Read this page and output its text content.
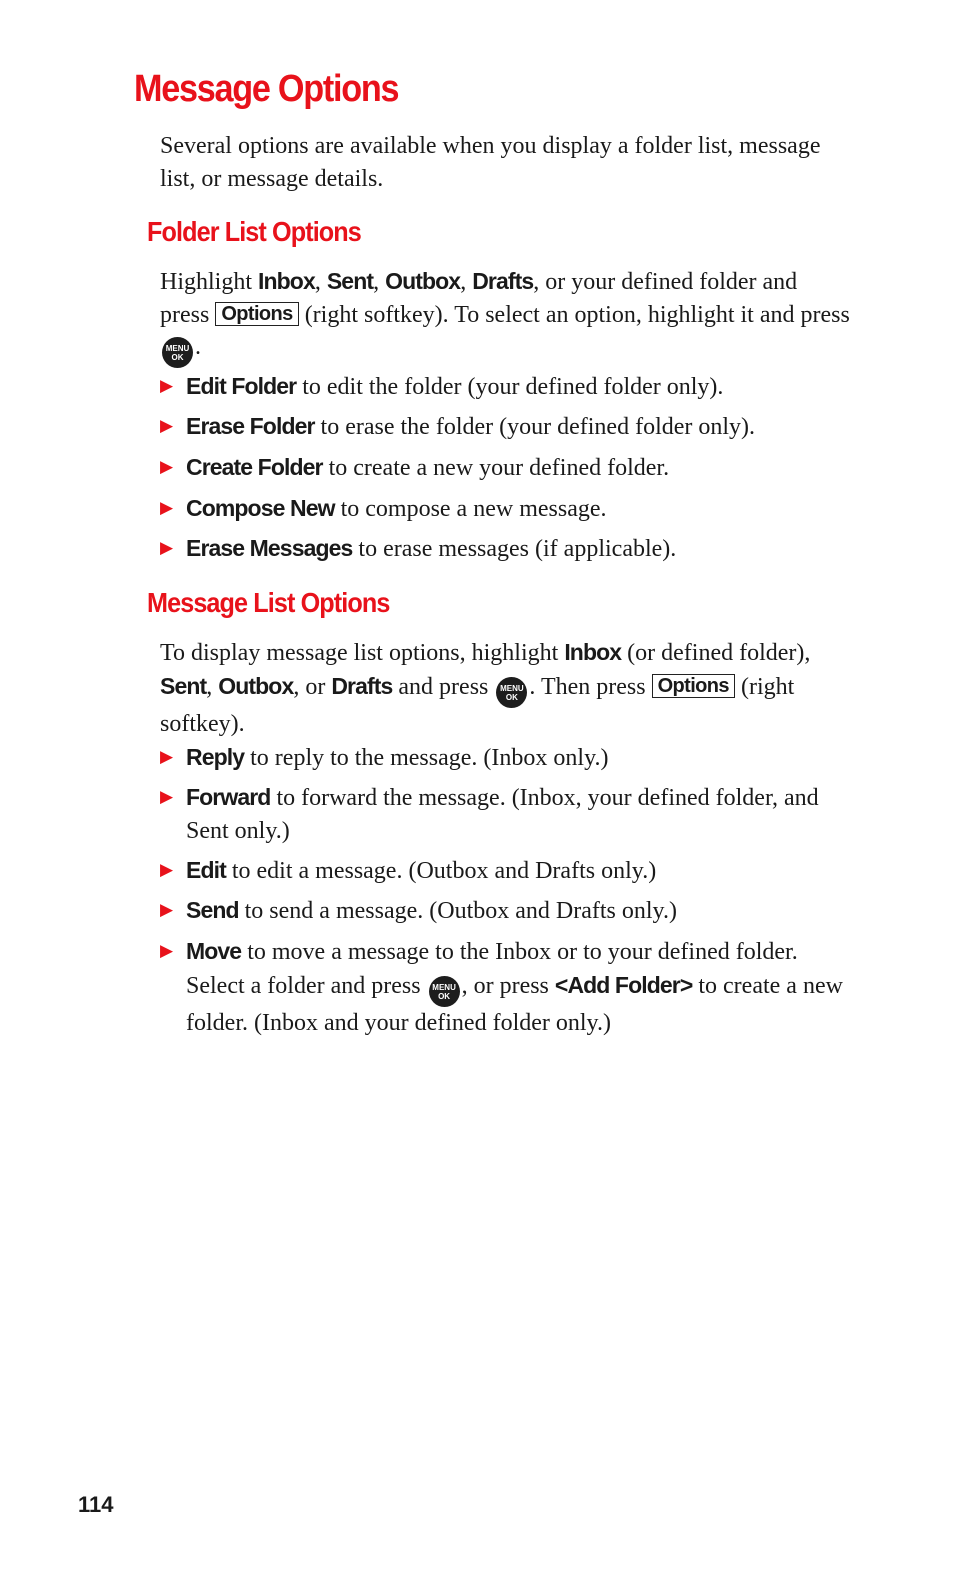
Message Options

Several options are available when you display a folder list, message list, or message details.

Folder List Options

Highlight Inbox, Sent, Outbox, Drafts, or your defined folder and press Options (right softkey). To select an option, highlight it and press
MENU
OK .

▶ Edit Folder to edit the folder (your defined folder only).

▶ Erase Folder to erase the folder (your defined folder only).

▶ Create Folder to create a new your defined folder.

▶ Compose New to compose a new message.

▶ Erase Messages to erase messages (if applicable).

Message List Options

To display message list options, highlight Inbox (or defined folder), Sent, Outbox, or Drafts and press MENU
OK . Then press Options (right softkey).

▶ Reply to reply to the message. (Inbox only.)

▶ Forward to forward the message. (Inbox, your defined folder, and Sent only.)

▶ Edit to edit a message. (Outbox and Drafts only.)

▶ Send to send a message. (Outbox and Drafts only.)

▶ Move to move a message to the Inbox or to your defined folder. Select a folder and press MENU
OK , or press <Add Folder> to create a new folder. (Inbox and your defined folder only.)

114
